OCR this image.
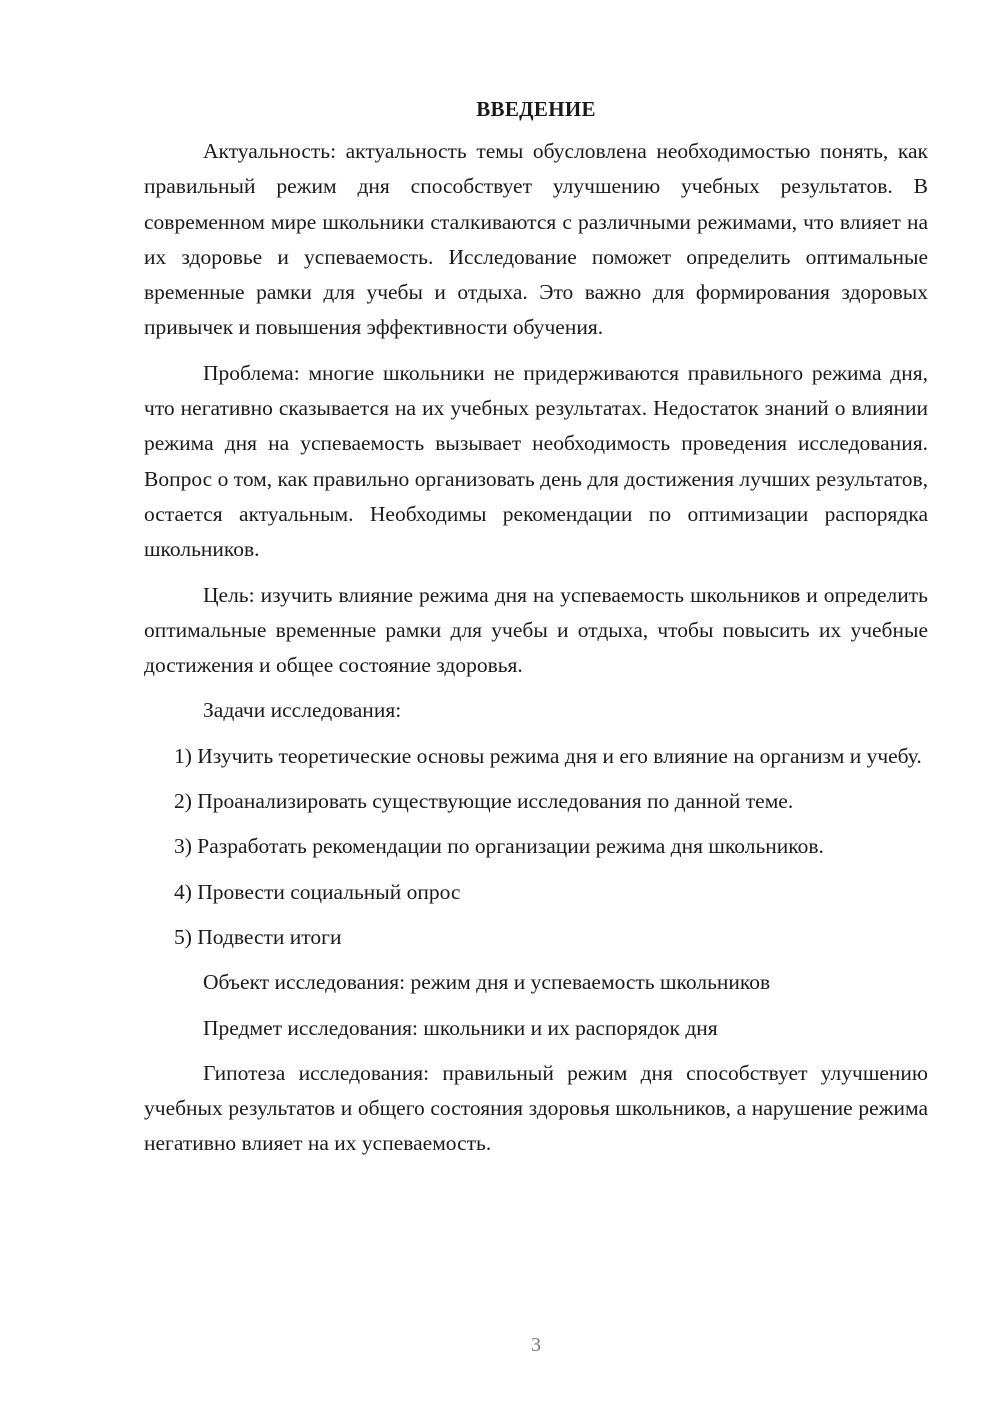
ВВЕДЕНИЕ

Актуальность: актуальность темы обусловлена необходимостью понять, как правильный режим дня способствует улучшению учебных результатов. В современном мире школьники сталкиваются с различными режимами, что влияет на их здоровье и успеваемость. Исследование поможет определить оптимальные временные рамки для учебы и отдыха. Это важно для формирования здоровых привычек и повышения эффективности обучения.

Проблема: многие школьники не придерживаются правильного режима дня, что негативно сказывается на их учебных результатах. Недостаток знаний о влиянии режима дня на успеваемость вызывает необходимость проведения исследования. Вопрос о том, как правильно организовать день для достижения лучших результатов, остается актуальным. Необходимы рекомендации по оптимизации распорядка школьников.

Цель: изучить влияние режима дня на успеваемость школьников и определить оптимальные временные рамки для учебы и отдыха, чтобы повысить их учебные достижения и общее состояние здоровья.

Задачи исследования:

1) Изучить теоретические основы режима дня и его влияние на организм и учебу.

2) Проанализировать существующие исследования по данной теме.

3) Разработать рекомендации по организации режима дня школьников.

4) Провести социальный опрос

5) Подвести итоги

Объект исследования: режим дня и успеваемость школьников

Предмет исследования: школьники и их распорядок дня

Гипотеза исследования: правильный режим дня способствует улучшению учебных результатов и общего состояния здоровья школьников, а нарушение режима негативно влияет на их успеваемость.

3
